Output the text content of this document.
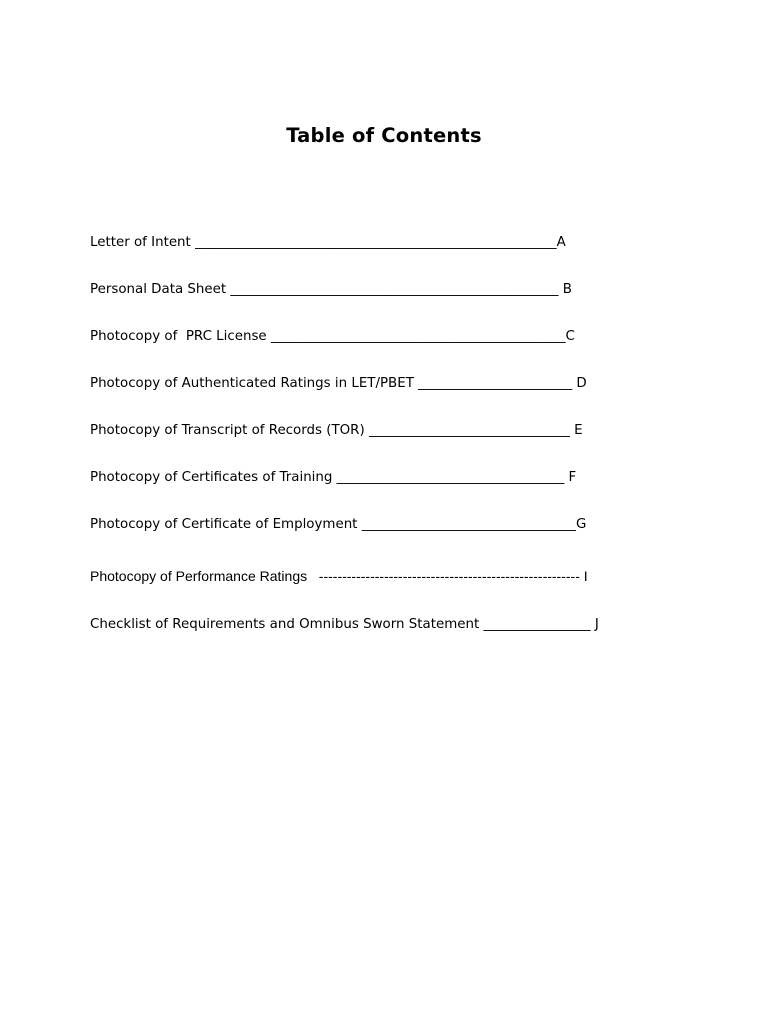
Table of Contents
Letter of Intent ______________________________________________________A
Personal Data Sheet _________________________________________________ B
Photocopy of  PRC License ____________________________________________C
Photocopy of Authenticated Ratings in LET/PBET _______________________ D
Photocopy of Transcript of Records (TOR) ______________________________ E
Photocopy of Certificates of Training __________________________________ F
Photocopy of Certificate of Employment ________________________________G
Photocopy of Performance Ratings   -------------------------------------------------------- I
Checklist of Requirements and Omnibus Sworn Statement ________________ J
